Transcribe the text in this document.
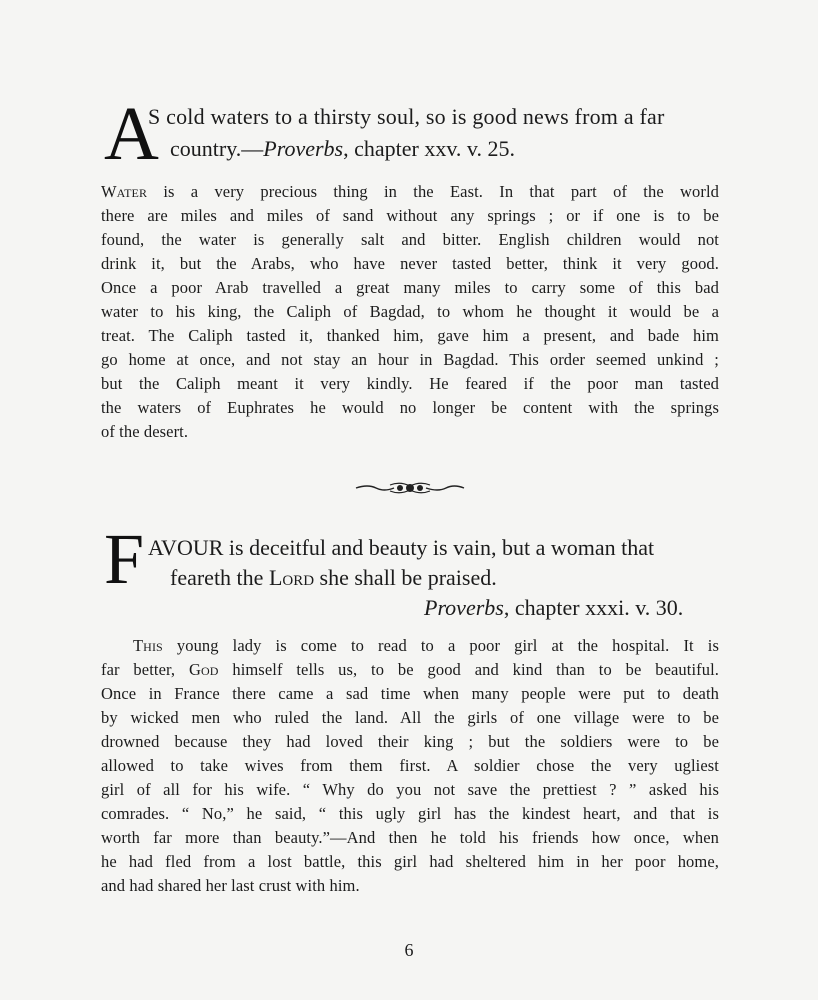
A
S cold waters to a thirsty soul, so is good news from a far
country.—Proverbs, chapter xxv. v. 25.
Water is a very precious thing in the East. In that part of the world
there are miles and miles of sand without any springs ; or if one is to be
found, the water is generally salt and bitter. English children would not
drink it, but the Arabs, who have never tasted better, think it very good.
Once a poor Arab travelled a great many miles to carry some of this bad
water to his king, the Caliph of Bagdad, to whom he thought it would be a
treat. The Caliph tasted it, thanked him, gave him a present, and bade him
go home at once, and not stay an hour in Bagdad. This order seemed unkind ;
but the Caliph meant it very kindly. He feared if the poor man tasted
the waters of Euphrates he would no longer be content with the springs
of the desert.
F AVOUR is deceitful and beauty is vain, but a woman that
feareth the Lord she shall be praised.
Proverbs, chapter xxxi. v. 30.
This young lady is come to read to a poor girl at the hospital. It is
far better, God himself tells us, to be good and kind than to be beautiful.
Once in France there came a sad time when many people were put to death
by wicked men who ruled the land. All the girls of one village were to be
drowned because they had loved their king ; but the soldiers were to be
allowed to take wives from them first. A soldier chose the very ugliest
girl of all for his wife. “ Why do you not save the prettiest ? ” asked his
comrades. “ No,” he said, “ this ugly girl has the kindest heart, and that is
worth far more than beauty.”—And then he told his friends how once, when
he had fled from a lost battle, this girl had sheltered him in her poor home,
and had shared her last crust with him.
6
